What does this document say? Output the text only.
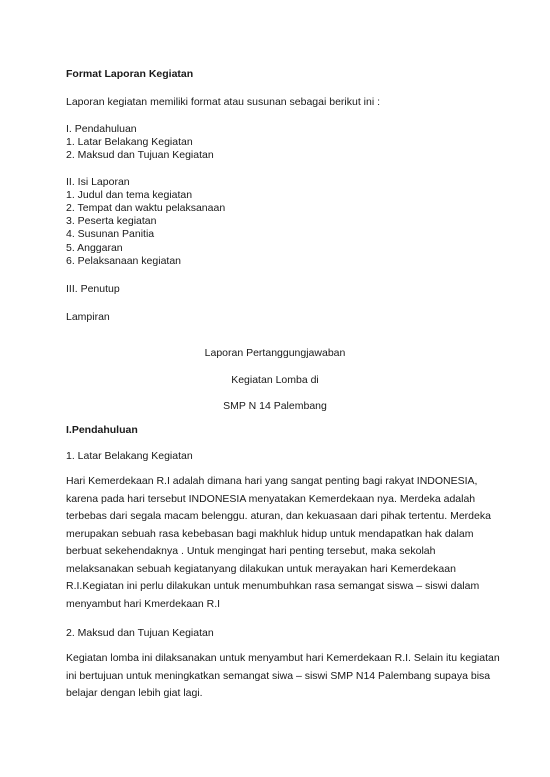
Format Laporan Kegiatan
Laporan kegiatan memiliki format atau susunan sebagai berikut ini :
I. Pendahuluan
1. Latar Belakang Kegiatan
2. Maksud dan Tujuan Kegiatan
II. Isi Laporan
1. Judul dan tema kegiatan
2. Tempat dan waktu pelaksanaan
3. Peserta kegiatan
4. Susunan Panitia
5. Anggaran
6. Pelaksanaan kegiatan
III. Penutup
Lampiran
Laporan Pertanggungjawaban
Kegiatan Lomba di
SMP N 14 Palembang
I.Pendahuluan
1. Latar Belakang Kegiatan
Hari Kemerdekaan R.I adalah dimana hari yang sangat penting bagi rakyat INDONESIA,
karena pada hari tersebut INDONESIA menyatakan Kemerdekaan nya. Merdeka adalah
terbebas dari segala macam belenggu. aturan, dan kekuasaan dari pihak tertentu. Merdeka
merupakan sebuah rasa kebebasan bagi makhluk hidup untuk mendapatkan hak dalam
berbuat sekehendaknya . Untuk mengingat hari penting tersebut, maka sekolah
melaksanakan sebuah kegiatanyang dilakukan untuk merayakan hari Kemerdekaan
R.I.Kegiatan ini perlu dilakukan untuk menumbuhkan rasa semangat siswa – siswi dalam
menyambut hari Kmerdekaan R.I
2. Maksud dan Tujuan Kegiatan
Kegiatan lomba ini dilaksanakan untuk menyambut hari Kemerdekaan R.I. Selain itu kegiatan
ini bertujuan untuk meningkatkan semangat siwa – siswi SMP N14 Palembang supaya bisa
belajar dengan lebih giat lagi.
